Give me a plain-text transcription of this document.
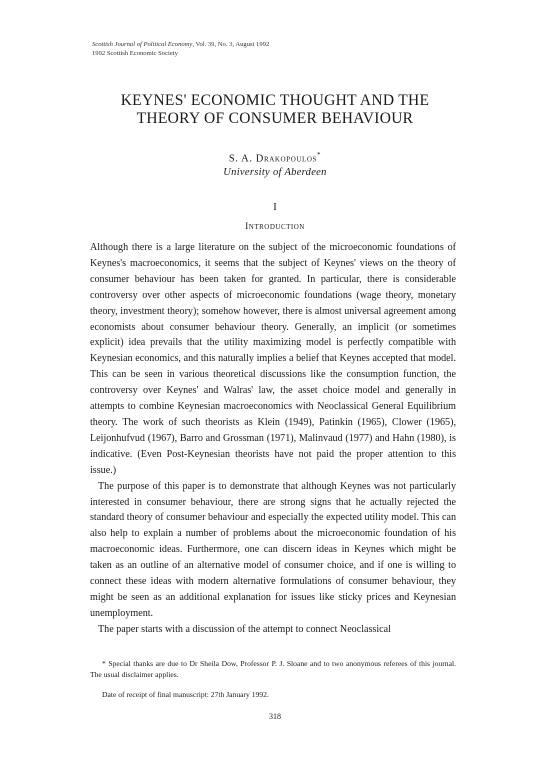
Scottish Journal of Political Economy, Vol. 39, No. 3, August 1992
1992 Scottish Economic Society
KEYNES' ECONOMIC THOUGHT AND THE
THEORY OF CONSUMER BEHAVIOUR
S. A. Drakopoulos*
University of Aberdeen
I
Introduction

Although there is a large literature on the subject of the microeconomic foundations of Keynes's macroeconomics, it seems that the subject of Keynes' views on the theory of consumer behaviour has been taken for granted. In particular, there is considerable controversy over other aspects of microeconomic foundations (wage theory, monetary theory, investment theory); somehow however, there is almost universal agreement among economists about consumer behaviour theory. Generally, an implicit (or sometimes explicit) idea prevails that the utility maximizing model is perfectly compatible with Keynesian economics, and this naturally implies a belief that Keynes accepted that model. This can be seen in various theoretical discussions like the consumption function, the controversy over Keynes' and Walras' law, the asset choice model and generally in attempts to combine Keynesian macroeconomics with Neoclassical General Equilibrium theory. The work of such theorists as Klein (1949), Patinkin (1965), Clower (1965), Leijonhufvud (1967), Barro and Grossman (1971), Malinvaud (1977) and Hahn (1980), is indicative. (Even Post-Keynesian theorists have not paid the proper attention to this issue.)

The purpose of this paper is to demonstrate that although Keynes was not particularly interested in consumer behaviour, there are strong signs that he actually rejected the standard theory of consumer behaviour and especially the expected utility model. This can also help to explain a number of problems about the microeconomic foundation of his macroeconomic ideas. Furthermore, one can discern ideas in Keynes which might be taken as an outline of an alternative model of consumer choice, and if one is willing to connect these ideas with modern alternative formulations of consumer behaviour, they might be seen as an additional explanation for issues like sticky prices and Keynesian unemployment.

The paper starts with a discussion of the attempt to connect Neoclassical

* Special thanks are due to Dr Sheila Dow, Professor P. J. Sloane and to two anonymous referees of this journal. The usual disclaimer applies.
Date of receipt of final manuscript: 27th January 1992.
318
